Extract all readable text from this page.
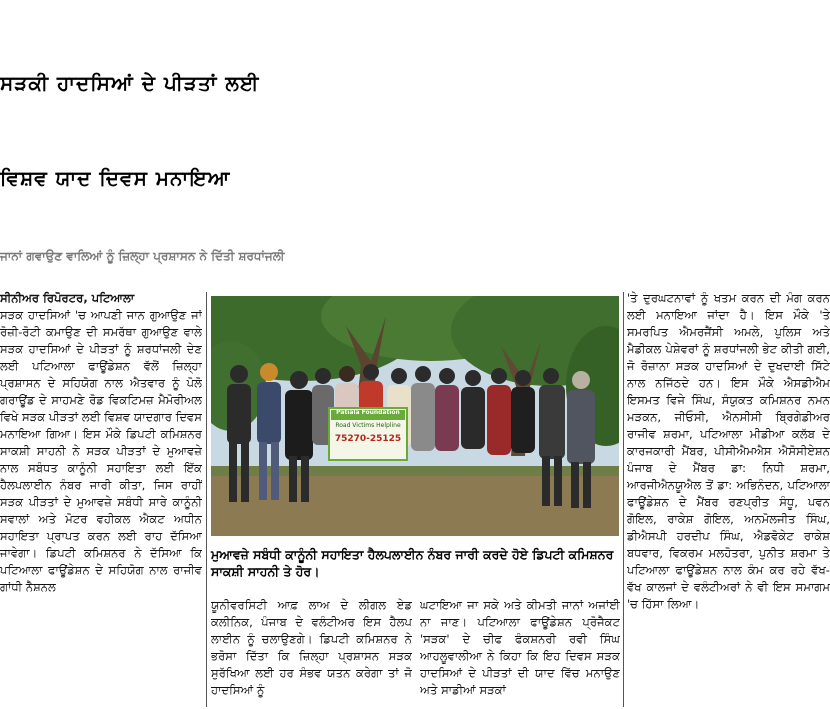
ਸੜਕੀ ਹਾਦਸਿਆਂ ਦੇ ਪੀੜਤਾਂ ਲਈ
ਵਿਸ਼ਵ ਯਾਦ ਦਿਵਸ ਮਨਾਇਆ
ਜਾਨਾਂ ਗਵਾਉਣ ਵਾਲਿਆਂ ਨੂੰ ਜ਼ਿਲ੍ਹਾ ਪ੍ਰਸ਼ਾਸਨ ਨੇ ਦਿੱਤੀ ਸ਼ਰਧਾਂਜਲੀ
ਸੀਨੀਅਰ ਰਿਪੋਰਟਰ, ਪਟਿਆਲਾ
ਸੜਕ ਹਾਦਸਿਆਂ 'ਚ ਆਪਣੀ ਜਾਨ ਗੁਆਉਣ ਜਾਂ ਰੋਜ਼ੀ-ਰੋਟੀ ਕਮਾਉਣ ਦੀ ਸਮਰੱਥਾ ਗੁਆਉਣ ਵਾਲੇ ਸੜਕ ਹਾਦਸਿਆਂ ਦੇ ਪੀੜਤਾਂ ਨੂੰ ਸ਼ਰਧਾਂਜਲੀ ਦੇਣ ਲਈ ਪਟਿਆਲਾ ਫਾਊਂਡੇਸ਼ਨ ਵੱਲੋਂ ਜ਼ਿਲ੍ਹਾ ਪ੍ਰਸ਼ਾਸਨ ਦੇ ਸਹਿਯੋਗ ਨਾਲ ਐਤਵਾਰ ਨੂੰ ਪੋਲੋ ਗਰਾਊਂਡ ਦੇ ਸਾਹਮਣੇ ਰੋਡ ਵਿਕਟਿਮਜ਼ ਮੈਮੋਰੀਅਲ ਵਿਖੇ ਸੜਕ ਪੀੜਤਾਂ ਲਈ ਵਿਸ਼ਵ ਯਾਦਗਾਰ ਦਿਵਸ ਮਨਾਇਆ ਗਿਆ। ਇਸ ਮੌਕੇ ਡਿਪਟੀ ਕਮਿਸ਼ਨਰ ਸਾਕਸ਼ੀ ਸਾਹਨੀ ਨੇ ਸੜਕ ਪੀੜਤਾਂ ਦੇ ਮੁਆਵਜ਼ੇ ਨਾਲ ਸਬੰਧਤ ਕਾਨੂੰਨੀ ਸਹਾਇਤਾ ਲਈ ਇੱਕ ਹੈਲਪਲਾਈਨ ਨੰਬਰ ਜਾਰੀ ਕੀਤਾ, ਜਿਸ ਰਾਹੀਂ ਸੜਕ ਪੀੜਤਾਂ ਦੇ ਮੁਆਵਜ਼ੇ ਸਬੰਧੀ ਸਾਰੇ ਕਾਨੂੰਨੀ ਸਵਾਲਾਂ ਅਤੇ ਮੋਟਰ ਵਹੀਕਲ ਐਕਟ ਅਧੀਨ ਸਹਾਇਤਾ ਪ੍ਰਾਪਤ ਕਰਨ ਲਈ ਰਾਹ ਦੱਸਿਆ ਜਾਵੇਗਾ। ਡਿਪਟੀ ਕਮਿਸ਼ਨਰ ਨੇ ਦੱਸਿਆ ਕਿ ਪਟਿਆਲਾ ਫਾਊਂਡੇਸ਼ਨ ਦੇ ਸਹਿਯੋਗ ਨਾਲ ਰਾਜੀਵ ਗਾਂਧੀ ਨੈਸ਼ਨਲ
Patiala Foundation
Road Victims Helpline
75270-25125

ਮੁਆਵਜ਼ੇ ਸਬੰਧੀ ਕਾਨੂੰਨੀ ਸਹਾਇਤਾ ਹੈਲਪਲਾਈਨ ਨੰਬਰ ਜਾਰੀ ਕਰਦੇ ਹੋਏ ਡਿਪਟੀ ਕਮਿਸ਼ਨਰ ਸਾਕਸ਼ੀ ਸਾਹਨੀ ਤੇ ਹੋਰ।

ਯੂਨੀਵਰਸਿਟੀ ਆਫ਼ ਲਾਅ ਦੇ ਲੀਗਲ ਏਡ ਕਲੀਨਿਕ, ਪੰਜਾਬ ਦੇ ਵਲੰਟੀਅਰ ਇਸ ਹੈਲਪ ਲਾਈਨ ਨੂੰ ਚਲਾਉਣਗੇ। ਡਿਪਟੀ ਕਮਿਸ਼ਨਰ ਨੇ ਭਰੋਸਾ ਦਿੱਤਾ ਕਿ ਜ਼ਿਲ੍ਹਾ ਪ੍ਰਸ਼ਾਸਨ ਸੜਕ ਸੁਰੱਖਿਆ ਲਈ ਹਰ ਸੰਭਵ ਯਤਨ ਕਰੇਗਾ ਤਾਂ ਜੋ ਹਾਦਸਿਆਂ ਨੂੰ
ਘਟਾਇਆ ਜਾ ਸਕੇ ਅਤੇ ਕੀਮਤੀ ਜਾਨਾਂ ਅਜਾਂਈ ਨਾ ਜਾਣ। ਪਟਿਆਲਾ ਫਾਊਂਡੇਸ਼ਨ ਪ੍ਰੋਜੈਕਟ 'ਸੜਕ' ਦੇ ਚੀਫ ਫੰਕਸ਼ਨਰੀ ਰਵੀ ਸਿੰਘ ਆਹਲੂਵਾਲੀਆ ਨੇ ਕਿਹਾ ਕਿ ਇਹ ਦਿਵਸ ਸੜਕ ਹਾਦਸਿਆਂ ਦੇ ਪੀੜਤਾਂ ਦੀ ਯਾਦ ਵਿੱਚ ਮਨਾਉਣ ਅਤੇ ਸਾਡੀਆਂ ਸੜਕਾਂ
'ਤੇ ਦੁਰਘਟਨਾਵਾਂ ਨੂੰ ਖਤਮ ਕਰਨ ਦੀ ਮੰਗ ਕਰਨ ਲਈ ਮਨਾਇਆ ਜਾਂਦਾ ਹੈ। ਇਸ ਮੌਕੇ 'ਤੇ ਸਮਰਪਿਤ ਐਮਰਜੈਂਸੀ ਅਮਲੇ, ਪੁਲਿਸ ਅਤੇ ਮੈਡੀਕਲ ਪੇਸ਼ੇਵਰਾਂ ਨੂੰ ਸ਼ਰਧਾਂਜਲੀ ਭੇਟ ਕੀਤੀ ਗਈ, ਜੋ ਰੋਜ਼ਾਨਾ ਸੜਕ ਹਾਦਸਿਆਂ ਦੇ ਦੁਖਦਾਈ ਸਿੱਟੇ ਨਾਲ ਨਜਿੱਠਦੇ ਹਨ। ਇਸ ਮੌਕੇ ਐਸਡੀਐਮ ਇਸਮਤ ਵਿਜੇ ਸਿੰਘ, ਸੰਯੁਕਤ ਕਮਿਸ਼ਨਰ ਨਮਨ ਮੜਕਨ, ਜੀਓਸੀ, ਐਨਸੀਸੀ ਬ੍ਰਿਗੇਡੀਅਰ ਰਾਜੀਵ ਸ਼ਰਮਾ, ਪਟਿਆਲਾ ਮੀਡੀਆ ਕਲੱਬ ਦੇ ਕਾਰਜਕਾਰੀ ਮੈਂਬਰ, ਪੀਸੀਐਮਐਸ ਐਸੋਸੀਏਸ਼ਨ ਪੰਜਾਬ ਦੇ ਮੈਂਬਰ ਡਾ: ਨਿਧੀ ਸ਼ਰਮਾ, ਆਰਜੀਐਨਯੂਐਲ ਤੋਂ ਡਾ: ਅਭਿਨੰਦਨ, ਪਟਿਆਲਾ ਫਾਊਂਡੇਸ਼ਨ ਦੇ ਮੈਂਬਰ ਰਣਪ੍ਰੀਤ ਸੰਧੂ, ਪਵਨ ਗੋਇਲ, ਰਾਕੇਸ਼ ਗੋਇਲ, ਅਨਮੋਲਜੀਤ ਸਿੰਘ, ਡੀਐਸਪੀ ਹਰਦੀਪ ਸਿੰਘ, ਐਡਵੋਕੇਟ ਰਾਕੇਸ਼ ਬਧਵਾਰ, ਵਿਕਰਮ ਮਲਹੋਤਰਾ, ਪੁਨੀਤ ਸ਼ਰਮਾ ਤੇ ਪਟਿਆਲਾ ਫਾਊਂਡੇਸ਼ਨ ਨਾਲ ਕੰਮ ਕਰ ਰਹੇ ਵੱਖ-ਵੱਖ ਕਾਲਜਾਂ ਦੇ ਵਲੰਟੀਅਰਾਂ ਨੇ ਵੀ ਇਸ ਸਮਾਗਮ 'ਚ ਹਿੱਸਾ ਲਿਆ।
